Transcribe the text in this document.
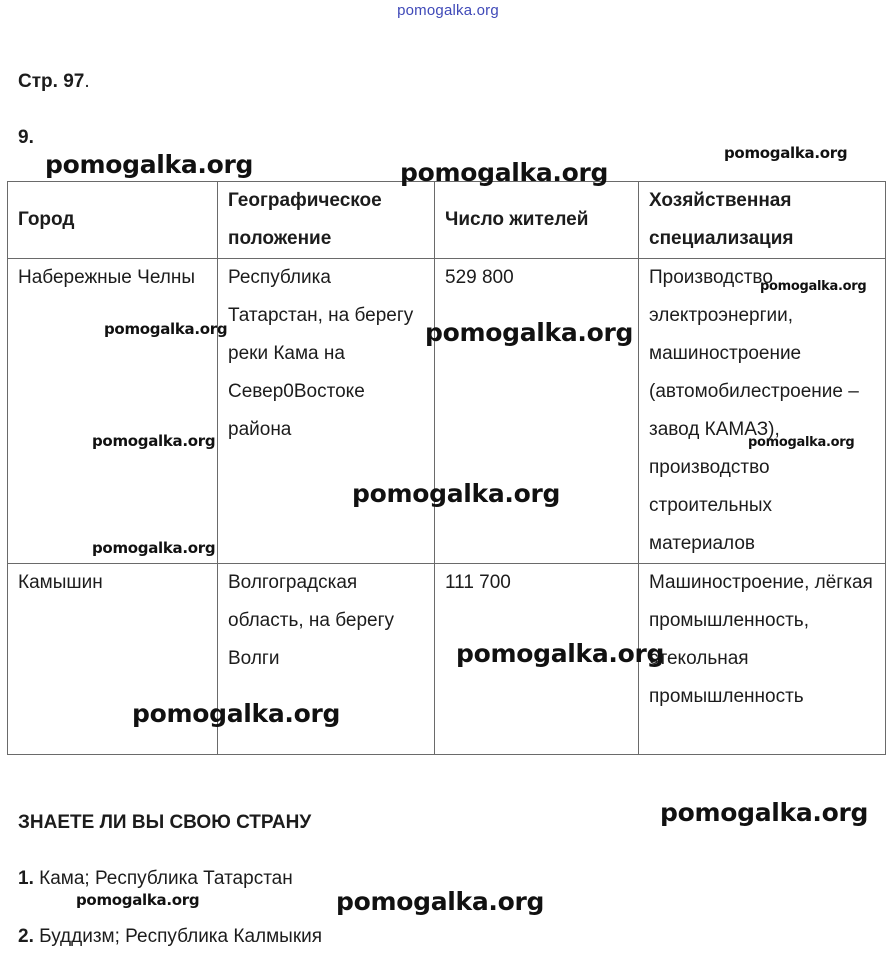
pomogalka.org
Стр. 97.
9.
Город	Географическое положение	Число жителей	Хозяйственная специализация
Набережные Челны	Республика Татарстан, на берегу реки Кама на Север0Востоке района	529 800	Производство электроэнергии, машиностроение (автомобилестроение – завод КАМАЗ), производство строительных материалов
Камышин	Волгоградская область, на берегу Волги	111 700	Машиностроение, лёгкая промышленность, стекольная промышленность
ЗНАЕТЕ ЛИ ВЫ СВОЮ СТРАНУ
1. Кама; Республика Татарстан
2. Буддизм; Республика Калмыкия
pomogalka.org	pomogalka.org
pomogalka.org
pomogalka.org
pomogalka.org	pomogalka.org
pomogalka.org	pomogalka.org
pomogalka.org
pomogalka.org
pomogalka.org
pomogalka.org
pomogalka.org
pomogalka.org	pomogalka.org
